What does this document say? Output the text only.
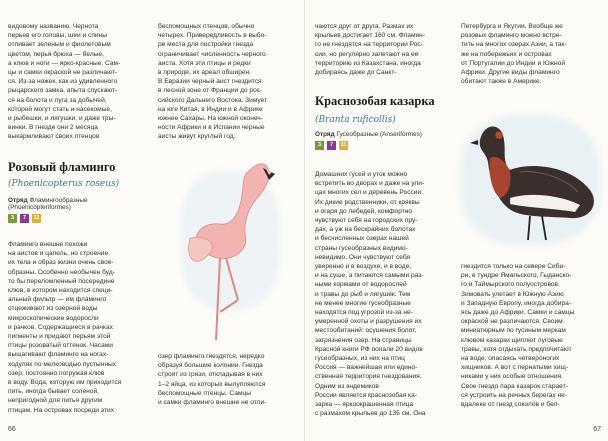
видовому названию. Чернота
перьев его головы, шеи и спины
отливает зеленым и фиолетовым
цветом, перья брюха — белые,
а клюв и ноги — ярко-красные. Сам-
цы и самки окраской не различают-
ся. Из-за ножек, как из удивленного
рыцарского замка, апыта спускают-
ся на болота и луга за добычей,
которой могут стать и насекомые,
и рыбешки, и лягушки, и даже тры-
винки. В гнезде они 2 месяца
выкармливают своих птенцов

беспомощных птенцов, обычно
четырех. Привередливость в выбо-
ре места для постройки гнезда
ограничивает численность черного
аиста. Хотя эти птицы и редки
в природе, их ареал обширен.
В Евразии черный аист гнездится
в лесной зоне от Франции до рос-
сийского Дальнего Востока. Зимует
на юге Китая, в Индии и в Африке
южнее Сахары. На южной оконеч-
ности Африки и в Испании черные
аисты живут круглый год.

Розовый фламинго
(Phoenicopterus roseus)
Отряд Фламингообразные
(Phoenicopteriformes)
3	7	11

Фламинго внешне похожи
на аистов и цапель, но строение
их тела и образ жизни очень свое-
образны. Особенно необычен буд-
то бы переломленный посередине
клюв, в котором находится специ-
альный фильтр — им фламинго
отцеживают из озерной воды
микроскопические водоросли
и рачков. Содержащиеся в рачках
пигменты и придают перьям этой
птицы розоватый оттенок. Часами
вышагивают фламинго на ногах-
ходулях по мелководью пустынных
озер, постоянно погружая клюв
в воду. Вода, которую им приходится
пить, иногда бывает соленой,
непригодной для питья другим
птицам. На островах посреди этих

озер фламинго гнездятся, нередко
образуя большие колонии. Гнезда
строят из грязи, откладывая в них
1–2 яйца, из которых вылупляются
беспомощные птенцы. Самцы
и самки фламинго внешне не отли-

66

чаются друг от друга. Размах их
крыльев достигает 160 см. Фламин-
го не гнездятся на территории Рос-
сии, но регулярно залетают на ее
территорию из Казахстана, иногда
добираясь даже до Санкт-

Петербурга и Якутии. Вообще же
розовых фламинго можно встре-
тить на многих озерах Азии, а так-
же на побережьях и островах
от Португалии до Индии и Южной
Африки. Другие виды фламинго
обитают также в Америке.

Краснозобая казарка
(Branta ruficollis)
Отряд Гусеобразные (Anseriformes)
3	7	11

Домашних гусей и уток можно
встретить во дворах и даже на ули-
цах многих сел и деревень России.
Их дикие родственники, от кряквы
и огаря до лебедей, комфортно
чувствуют себя на городских пру-
дах, а уж на бескрайних болотах
и бесчисленных озерах нашей
страны гусеобразных видимо-
невидимо. Они чувствуют себя
уверенно и в воздухе, и в воде,
и на суше, а питаются самыми раз-
ными кормами от водорослей
и травы до рыб и лягушек. Тем
не менее многие гусеобразные
находятся под угрозой из-за не-
умеренной охоты и разрушения их
местообитаний: осушения болот,
загрязнения озер. На страницы
Красной книги РФ попали 20 видов
гусеобразных, из них на птиц
Россия — важнейшая или едино-
ственная территория гнездования.
Одним из эндемиков
России является краснозобая ка-
зарка — яркоокрашенная птица
с размахом крыльев до 135 см. Она

гнездится только на севере Сиби-
ри, в тундре Ямальского, Гыданско-
го и Таймырского полуостровов.
Зимовать улетает в Южную Азию
и Западную Европу, иногда добира-
ясь даже до Африки. Самки и самцы
окраской не различаются. Своим
миниатюрным по гусиным меркам
клювом казарки щиплют луговые
травы, хотя отдыхать предпочитают
на воде, опасаясь четвероногих
хищников. А вот с пернатыми хищ-
никами у них особые отношения.
Свое гнездо пара казарок старает-
ся устроить на речных берегах не-
вдалеке от гнезд соколов и бел-

67
